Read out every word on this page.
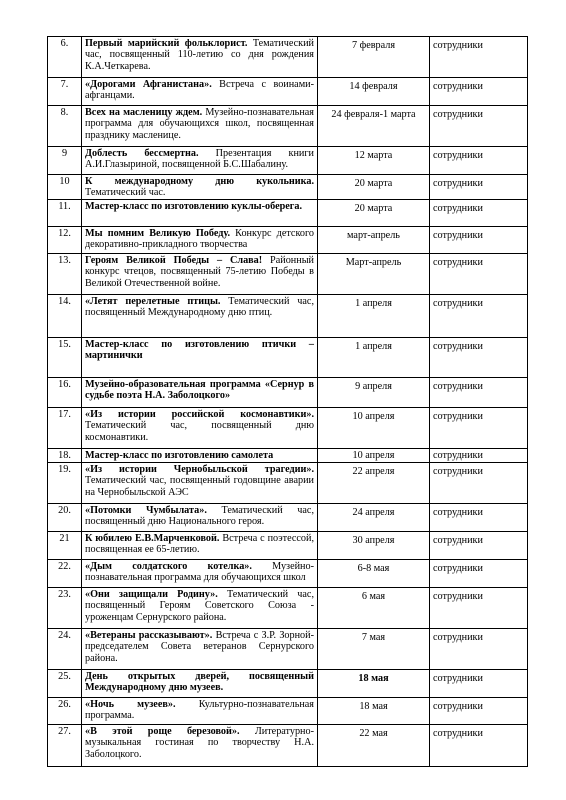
6.	Первый марийский фольклорист. Тематический час, посвященный 110-летию со дня рождения К.А.Четкарева.	7 февраля	сотрудники
7.	«Дорогами Афганистана». Встреча с воинами-афганцами.	14 февраля	сотрудники
8.	Всех на масленицу ждем. Музейно-познавательная программа для обучающихся школ, посвященная празднику масленице.	24 февраля-1 марта	сотрудники
9	Доблесть бессмертна. Презентация книги А.И.Глазыриной, посвященной Б.С.Шабалину.	12 марта	сотрудники
10	К международному дню кукольника. Тематический час.	20 марта	сотрудники
11.	Мастер-класс по изготовлению куклы-оберега.	20 марта	сотрудники
12.	Мы помним Великую Победу. Конкурс детского декоративно-прикладного творчества	март-апрель	сотрудники
13.	Героям Великой Победы – Слава! Районный конкурс чтецов, посвященный 75-летию Победы в Великой Отечественной войне.	Март-апрель	сотрудники
14.	«Летят перелетные птицы. Тематический час, посвященный Международному дню птиц.	1 апреля	сотрудники
15.	Мастер-класс по изготовлению птички – мартинички	1 апреля	сотрудники
16.	Музейно-образовательная программа «Сернур в судьбе поэта Н.А. Заболоцкого»	9 апреля	сотрудники
17.	«Из истории российской космонавтики». Тематический час, посвященный дню космонавтики.	10 апреля	сотрудники
18.	Мастер-класс по изготовлению самолета	10 апреля	сотрудники
19.	«Из истории Чернобыльской трагедии». Тематический час, посвященный годовщине аварии на Чернобыльской АЭС	22 апреля	сотрудники
20.	«Потомки Чумбылата». Тематический час, посвященный дню Национального героя.	24 апреля	сотрудники
21	К юбилею Е.В.Марченковой. Встреча с поэтессой, посвященная ее 65-летию.	30 апреля	сотрудники
22.	«Дым солдатского котелка». Музейно-познавательная программа для обучающихся школ	6-8 мая	сотрудники
23.	«Они защищали Родину». Тематический час, посвященный Героям Советского Союза - уроженцам Сернурского района.	6 мая	сотрудники
24.	«Ветераны рассказывают». Встреча с З.Р. Зорной-председателем Совета ветеранов Сернурского района.	7 мая	сотрудники
25.	День открытых дверей, посвященный Международному дню музеев.	18 мая	сотрудники
26.	«Ночь музеев». Культурно-познавательная программа.	18 мая	сотрудники
27.	«В этой роще березовой». Литературно-музыкальная гостиная по творчеству Н.А. Заболоцкого.	22 мая	сотрудники
